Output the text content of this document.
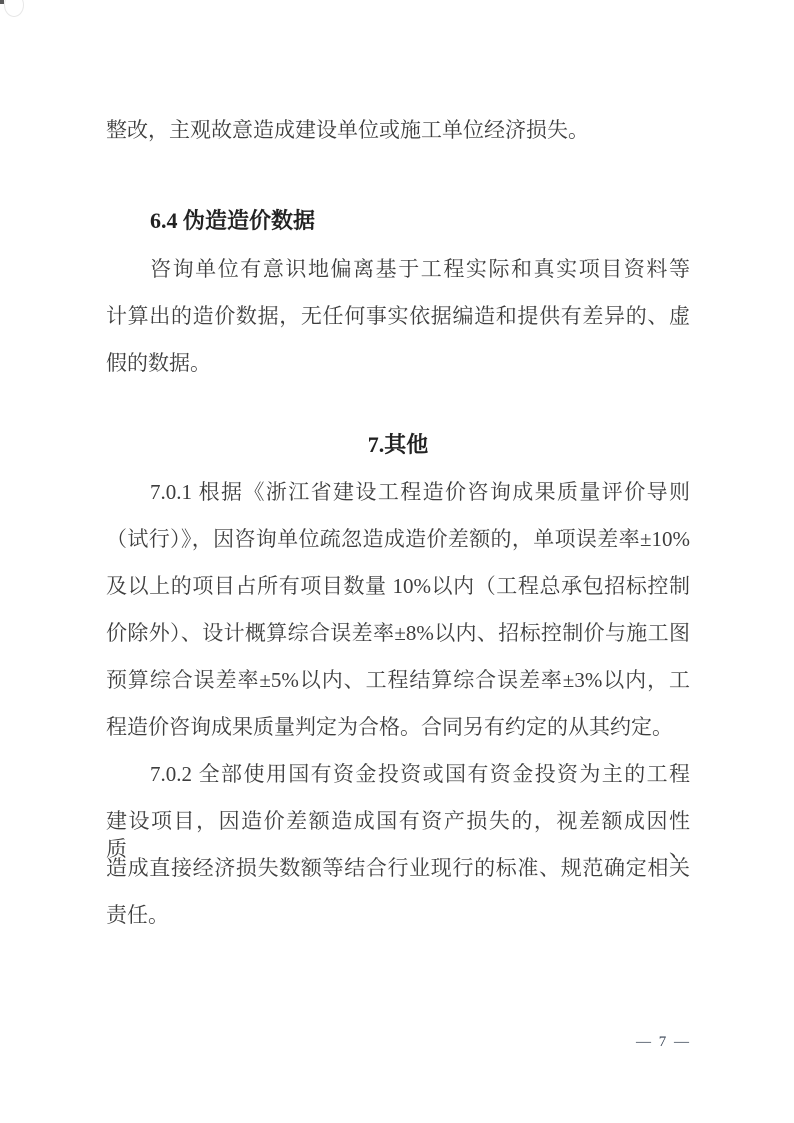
整改，主观故意造成建设单位或施工单位经济损失。
6.4 伪造造价数据
咨询单位有意识地偏离基于工程实际和真实项目资料等
计算出的造价数据，无任何事实依据编造和提供有差异的、虚
假的数据。
7.其他
7.0.1 根据《浙江省建设工程造价咨询成果质量评价导则
（试行）》，因咨询单位疏忽造成造价差额的，单项误差率±10%
及以上的项目占所有项目数量 10%以内（工程总承包招标控制
价除外）、设计概算综合误差率±8%以内、招标控制价与施工图
预算综合误差率±5%以内、工程结算综合误差率±3%以内，工
程造价咨询成果质量判定为合格。合同另有约定的从其约定。
7.0.2 全部使用国有资金投资或国有资金投资为主的工程
建设项目，因造价差额造成国有资产损失的，视差额成因性质、
造成直接经济损失数额等结合行业现行的标准、规范确定相关
责任。
— 7 —
